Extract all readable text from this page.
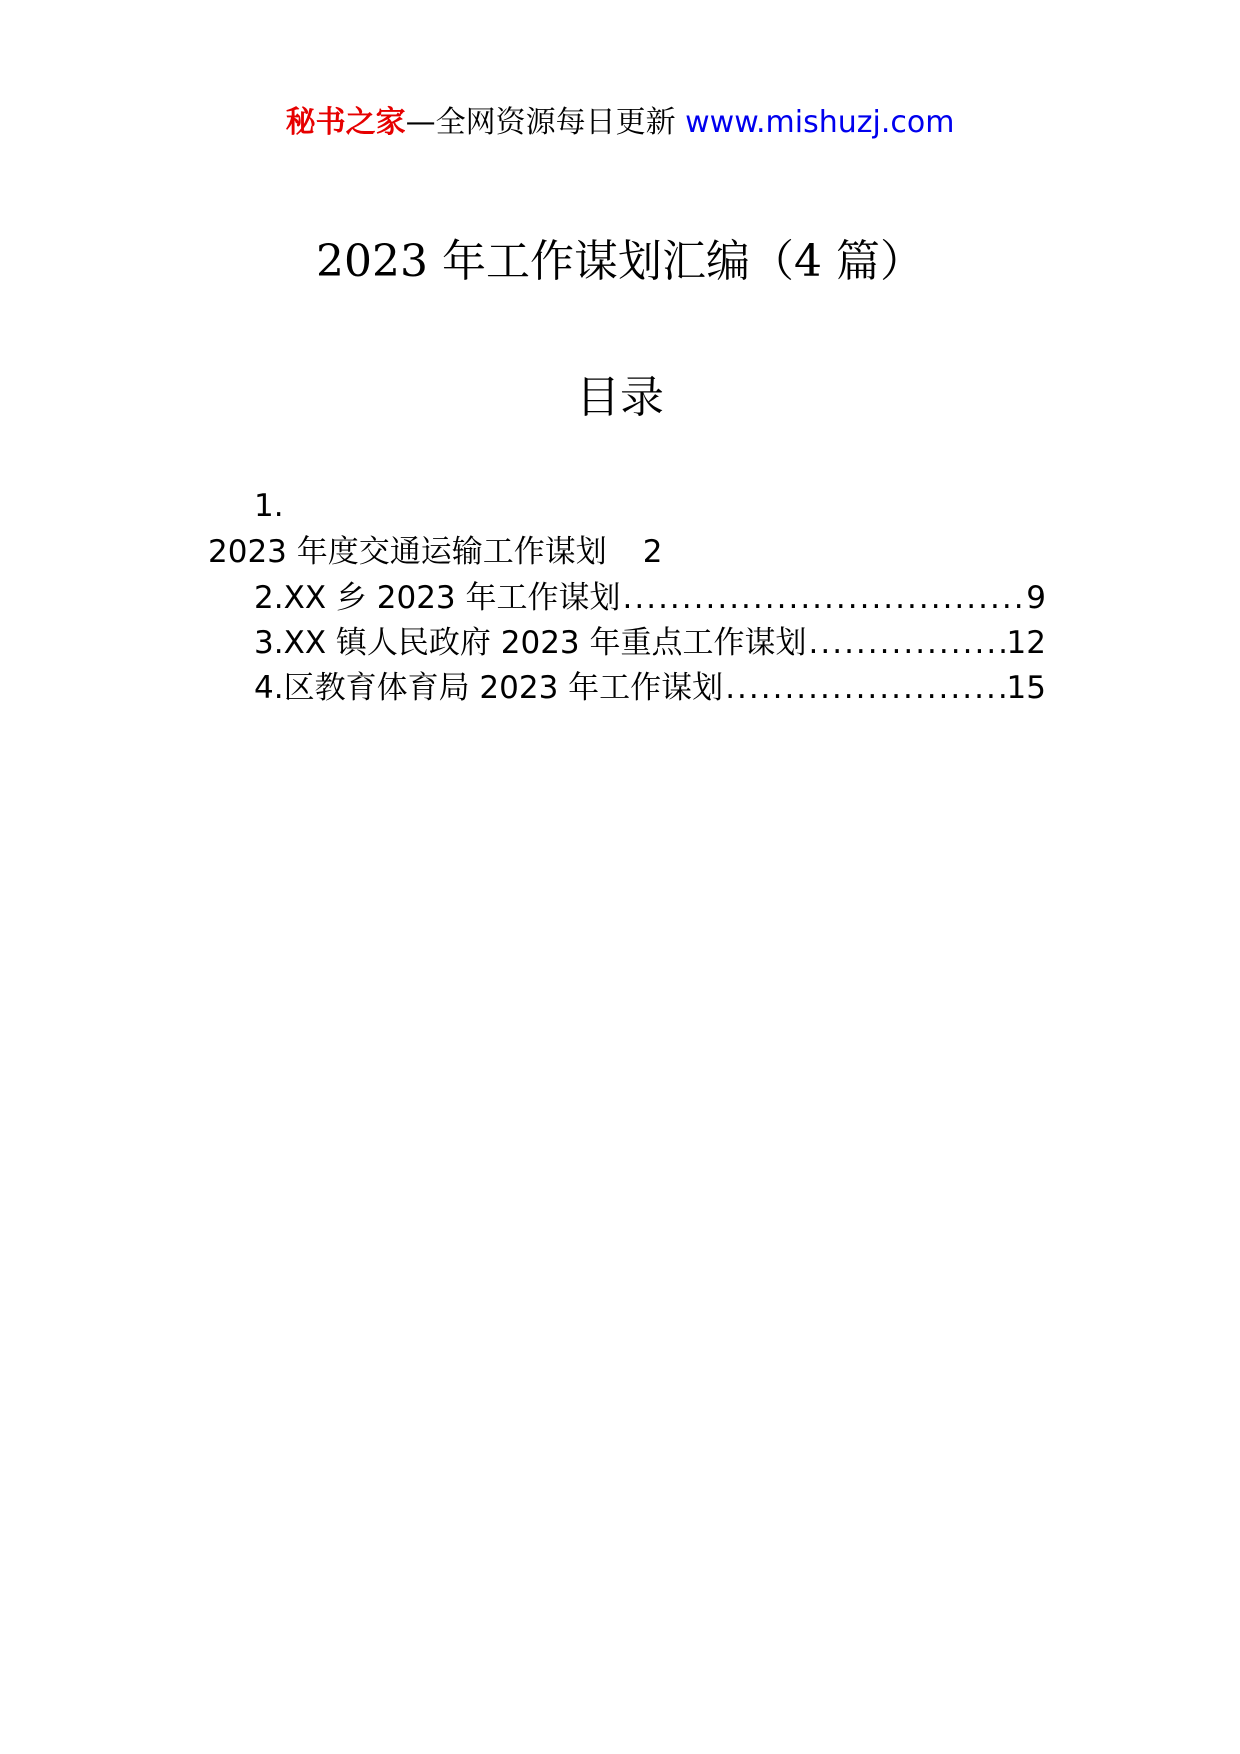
秘书之家—全网资源每日更新 www.mishuzj.com
2023 年工作谋划汇编（4 篇）
目录
1.
2023 年度交通运输工作谋划 2
2.XX 乡 2023 年工作谋划 .....	9
3.XX 镇人民政府 2023 年重点工作谋划 .....	12
4.区教育体育局 2023 年工作谋划 .....	15
